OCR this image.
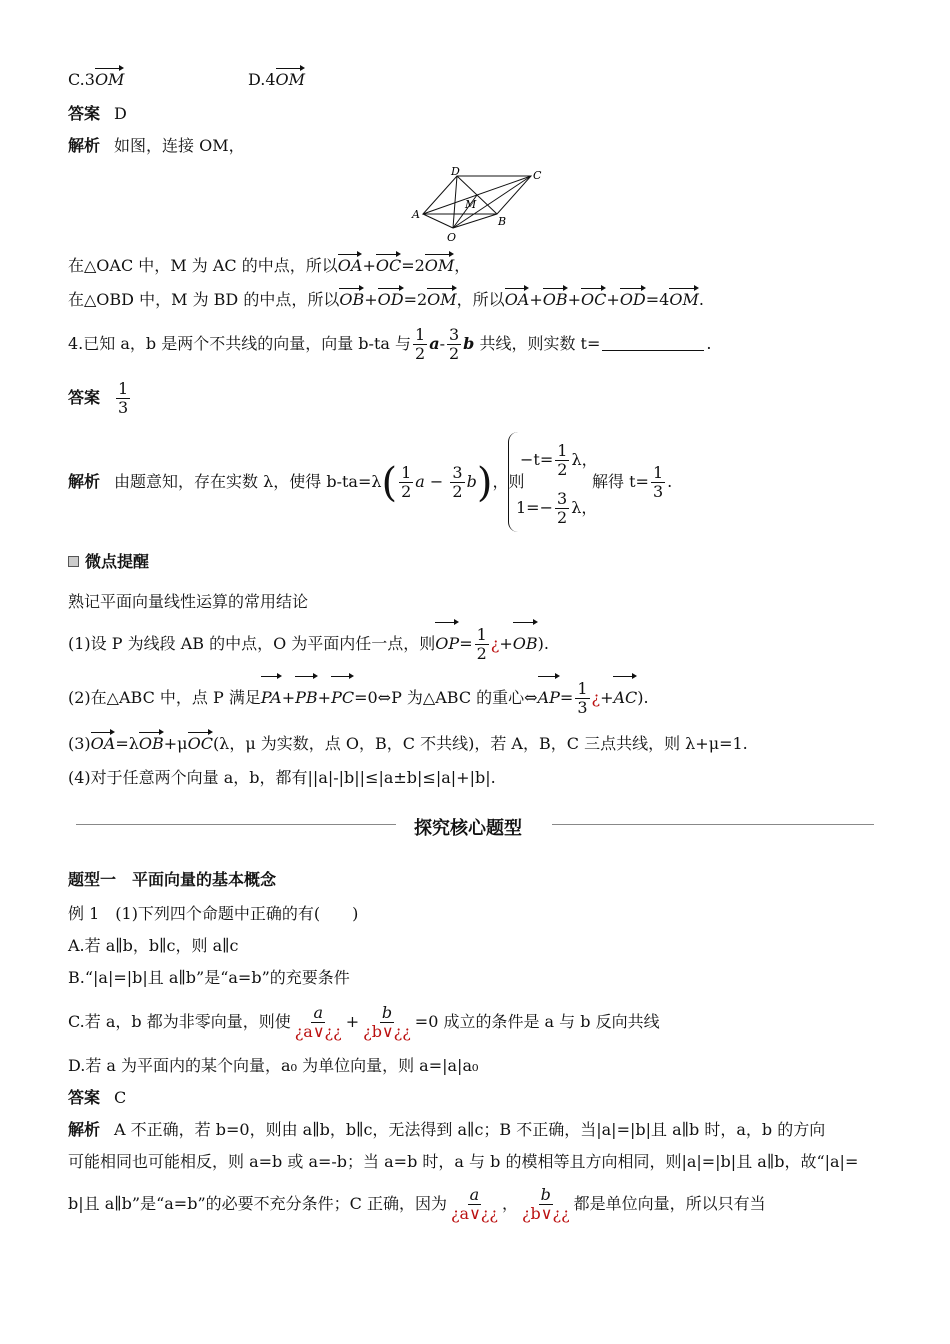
C.3OM	D.4OM
答案 D
解析 如图，连接 OM，
D	C
A
M
B
O
在△OAC 中，M 为 AC 的中点，所以OA+OC=2OM，
在△OBD 中，M 为 BD 的中点，所以OB+OD=2OM，所以OA+OB+OC+OD=4OM.
4.已知 a，b 是两个不共线的向量，向量 b-ta 与 $\frac{1}{2} a- \frac{3}{2}$ b 共线，则实数 t=	.
答案 $\frac{1}{3}$
解析 由题意知，存在实数 λ，使得 $b-ta=\lambda( \frac{1}{2}$ $a - \frac{3}{2} b$)，则
$-t= \frac{1}{2}$ λ，
$1=- \frac{3}{2}$ λ，
解得 $t= \frac{1}{3}$ .
微点提醒
熟记平面向量线性运算的常用结论
(1)设 P 为线段 AB 的中点，O 为平面内任一点，则$OP= \frac{1}{2}$ ¿+OB).
(2)在△ABC 中，点 P 满足PA+PB+PC=0⇔P 为△ABC 的重心⇔AP= $\frac{1}{3}$ ¿+AC).
(3)OA=λOB+μOC(λ，μ 为实数，点 O，B，C 不共线)，若 A，B，C 三点共线，则 λ+μ=1.
(4)对于任意两个向量 a，b，都有||a|-|b||≤|a±b|≤|a|+|b|.
探究核心题型
题型一　平面向量的基本概念
例 1　(1)下列四个命题中正确的有(　　)
A.若 a∥b，b∥c，则 a∥c
B.“|a|=|b|且 a∥b”是“a=b”的充要条件
C.若 a，b 都为非零向量，则使 $\frac{a}{¿a\vee¿¿} + \frac{b}{¿b\vee¿¿} =0$ 成立的条件是 a 与 b 反向共线
D.若 a 为平面内的某个向量，a₀ 为单位向量，则 a=|a|a₀
答案 C
解析 A 不正确，若 b=0，则由 a∥b，b∥c，无法得到 a∥c；B 不正确，当|a|=|b|且 a∥b 时，a，b 的方向
可能相同也可能相反，则 a=b 或 a=-b；当 a=b 时，a 与 b 的模相等且方向相同，则|a|=|b|且 a∥b，故“|a|=
b|且 a∥b”是“a=b”的必要不充分条件；C 正确，因为 $\frac{a}{¿a\vee¿¿}$ ， $\frac{b}{¿b\vee¿¿}$ 都是单位向量，所以只有当
